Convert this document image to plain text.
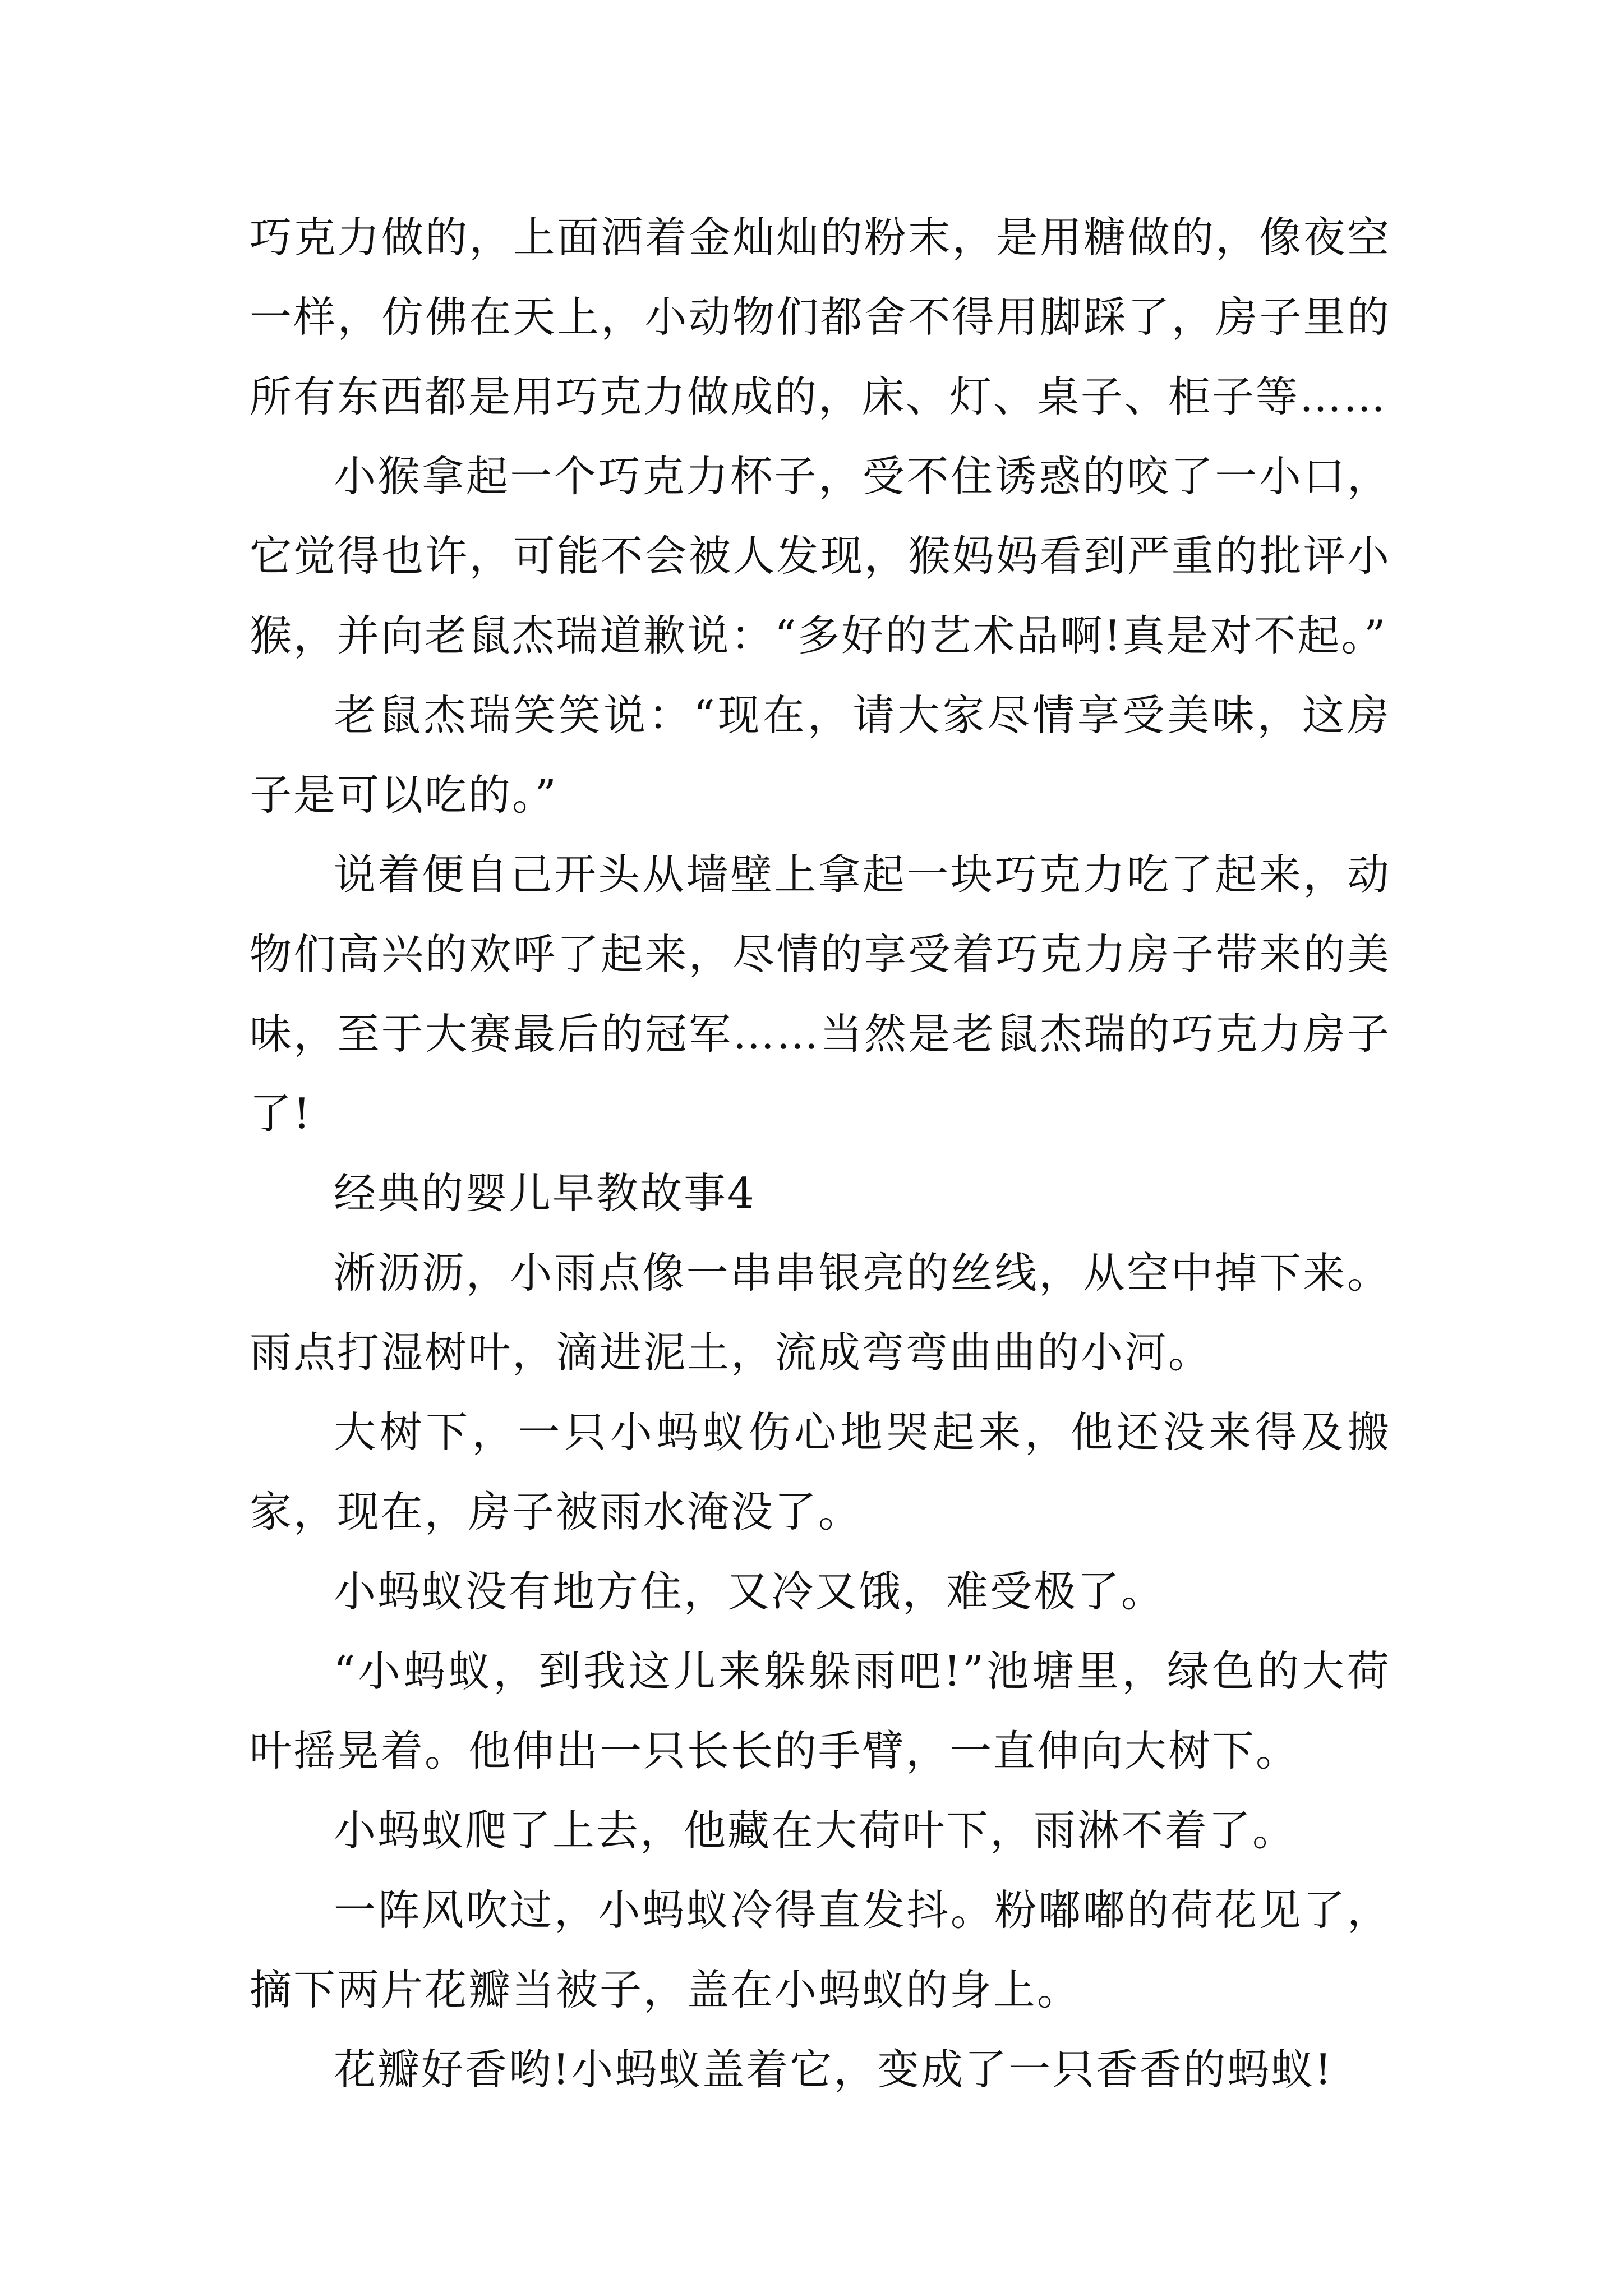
巧克力做的，上面洒着金灿灿的粉末，是用糖做的，像夜空一样，仿佛在天上，小动物们都舍不得用脚踩了，房子里的所有东西都是用巧克力做成的，床、灯、桌子、柜子等……

小猴拿起一个巧克力杯子，受不住诱惑的咬了一小口，它觉得也许，可能不会被人发现，猴妈妈看到严重的批评小猴，并向老鼠杰瑞道歉说：“多好的艺术品啊!真是对不起。”

老鼠杰瑞笑笑说：“现在，请大家尽情享受美味，这房子是可以吃的。”

说着便自己开头从墙壁上拿起一块巧克力吃了起来，动物们高兴的欢呼了起来，尽情的享受着巧克力房子带来的美味，至于大赛最后的冠军……当然是老鼠杰瑞的巧克力房子了!

经典的婴儿早教故事4

淅沥沥，小雨点像一串串银亮的丝线，从空中掉下来。雨点打湿树叶，滴进泥土，流成弯弯曲曲的小河。

大树下，一只小蚂蚁伤心地哭起来，他还没来得及搬家，现在，房子被雨水淹没了。

小蚂蚁没有地方住，又冷又饿，难受极了。

“小蚂蚁，到我这儿来躲躲雨吧!”池塘里，绿色的大荷叶摇晃着。他伸出一只长长的手臂，一直伸向大树下。

小蚂蚁爬了上去，他藏在大荷叶下，雨淋不着了。

一阵风吹过，小蚂蚁冷得直发抖。粉嘟嘟的荷花见了，摘下两片花瓣当被子，盖在小蚂蚁的身上。

花瓣好香哟!小蚂蚁盖着它，变成了一只香香的蚂蚁!
